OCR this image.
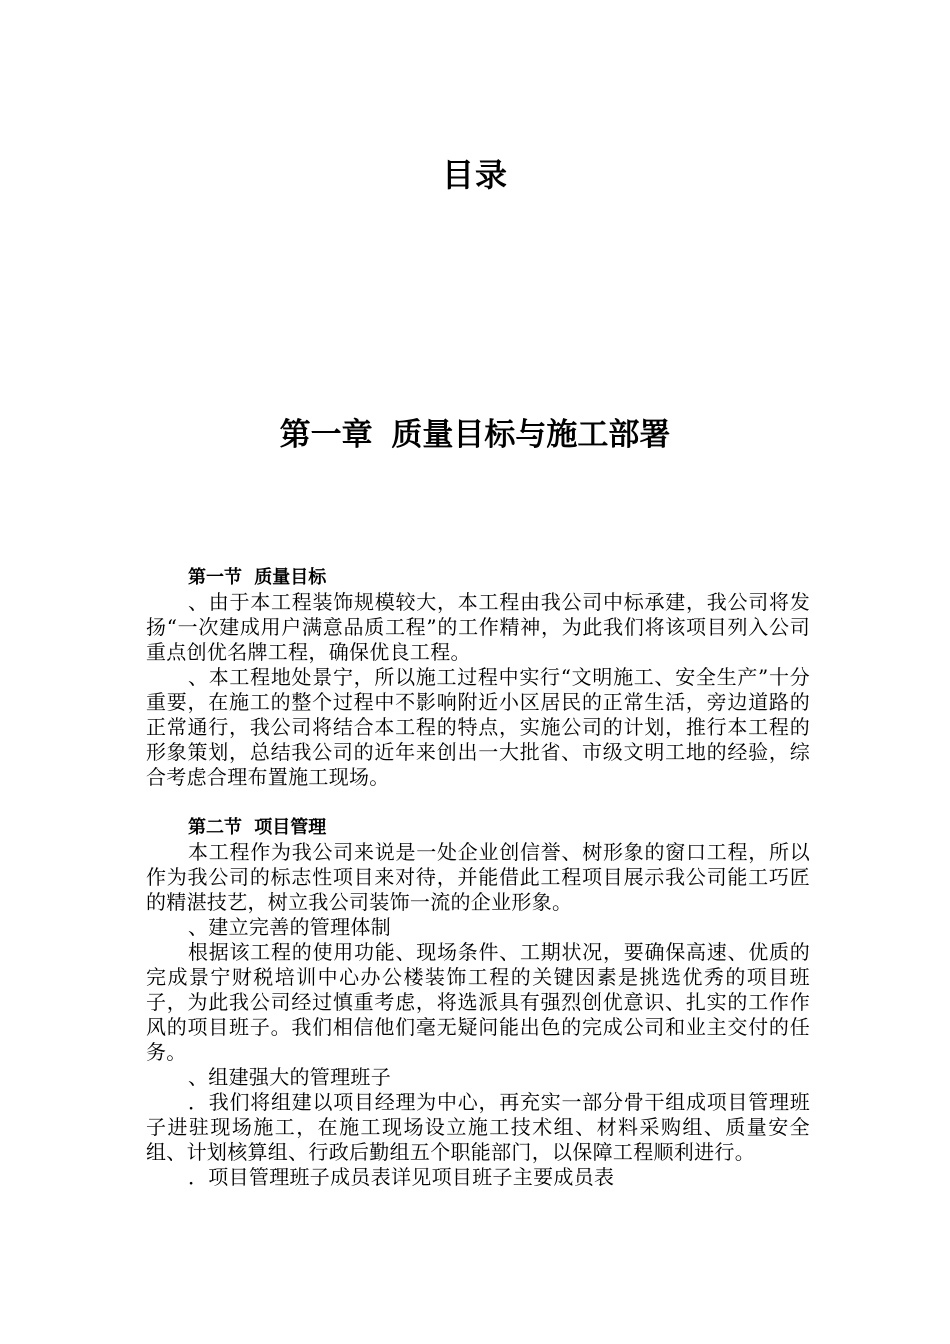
目录
第一章 质量目标与施工部署
第一节 质量目标

、由于本工程装饰规模较大，本工程由我公司中标承建，我公司将发扬“一次建成用户满意品质工程”的工作精神，为此我们将该项目列入公司重点创优名牌工程，确保优良工程。

、本工程地处景宁，所以施工过程中实行“文明施工、安全生产”十分重要，在施工的整个过程中不影响附近小区居民的正常生活，旁边道路的正常通行，我公司将结合本工程的特点，实施公司的计划，推行本工程的形象策划，总结我公司的近年来创出一大批省、市级文明工地的经验，综合考虑合理布置施工现场。

第二节 项目管理

本工程作为我公司来说是一处企业创信誉、树形象的窗口工程，所以作为我公司的标志性项目来对待，并能借此工程项目展示我公司能工巧匠的精湛技艺，树立我公司装饰一流的企业形象。

、建立完善的管理体制

根据该工程的使用功能、现场条件、工期状况，要确保高速、优质的完成景宁财税培训中心办公楼装饰工程的关键因素是挑选优秀的项目班子，为此我公司经过慎重考虑，将选派具有强烈创优意识、扎实的工作作风的项目班子。我们相信他们毫无疑问能出色的完成公司和业主交付的任务。

、组建强大的管理班子

．我们将组建以项目经理为中心，再充实一部分骨干组成项目管理班子进驻现场施工，在施工现场设立施工技术组、材料采购组、质量安全组、计划核算组、行政后勤组五个职能部门，以保障工程顺利进行。

．项目管理班子成员表详见项目班子主要成员表
